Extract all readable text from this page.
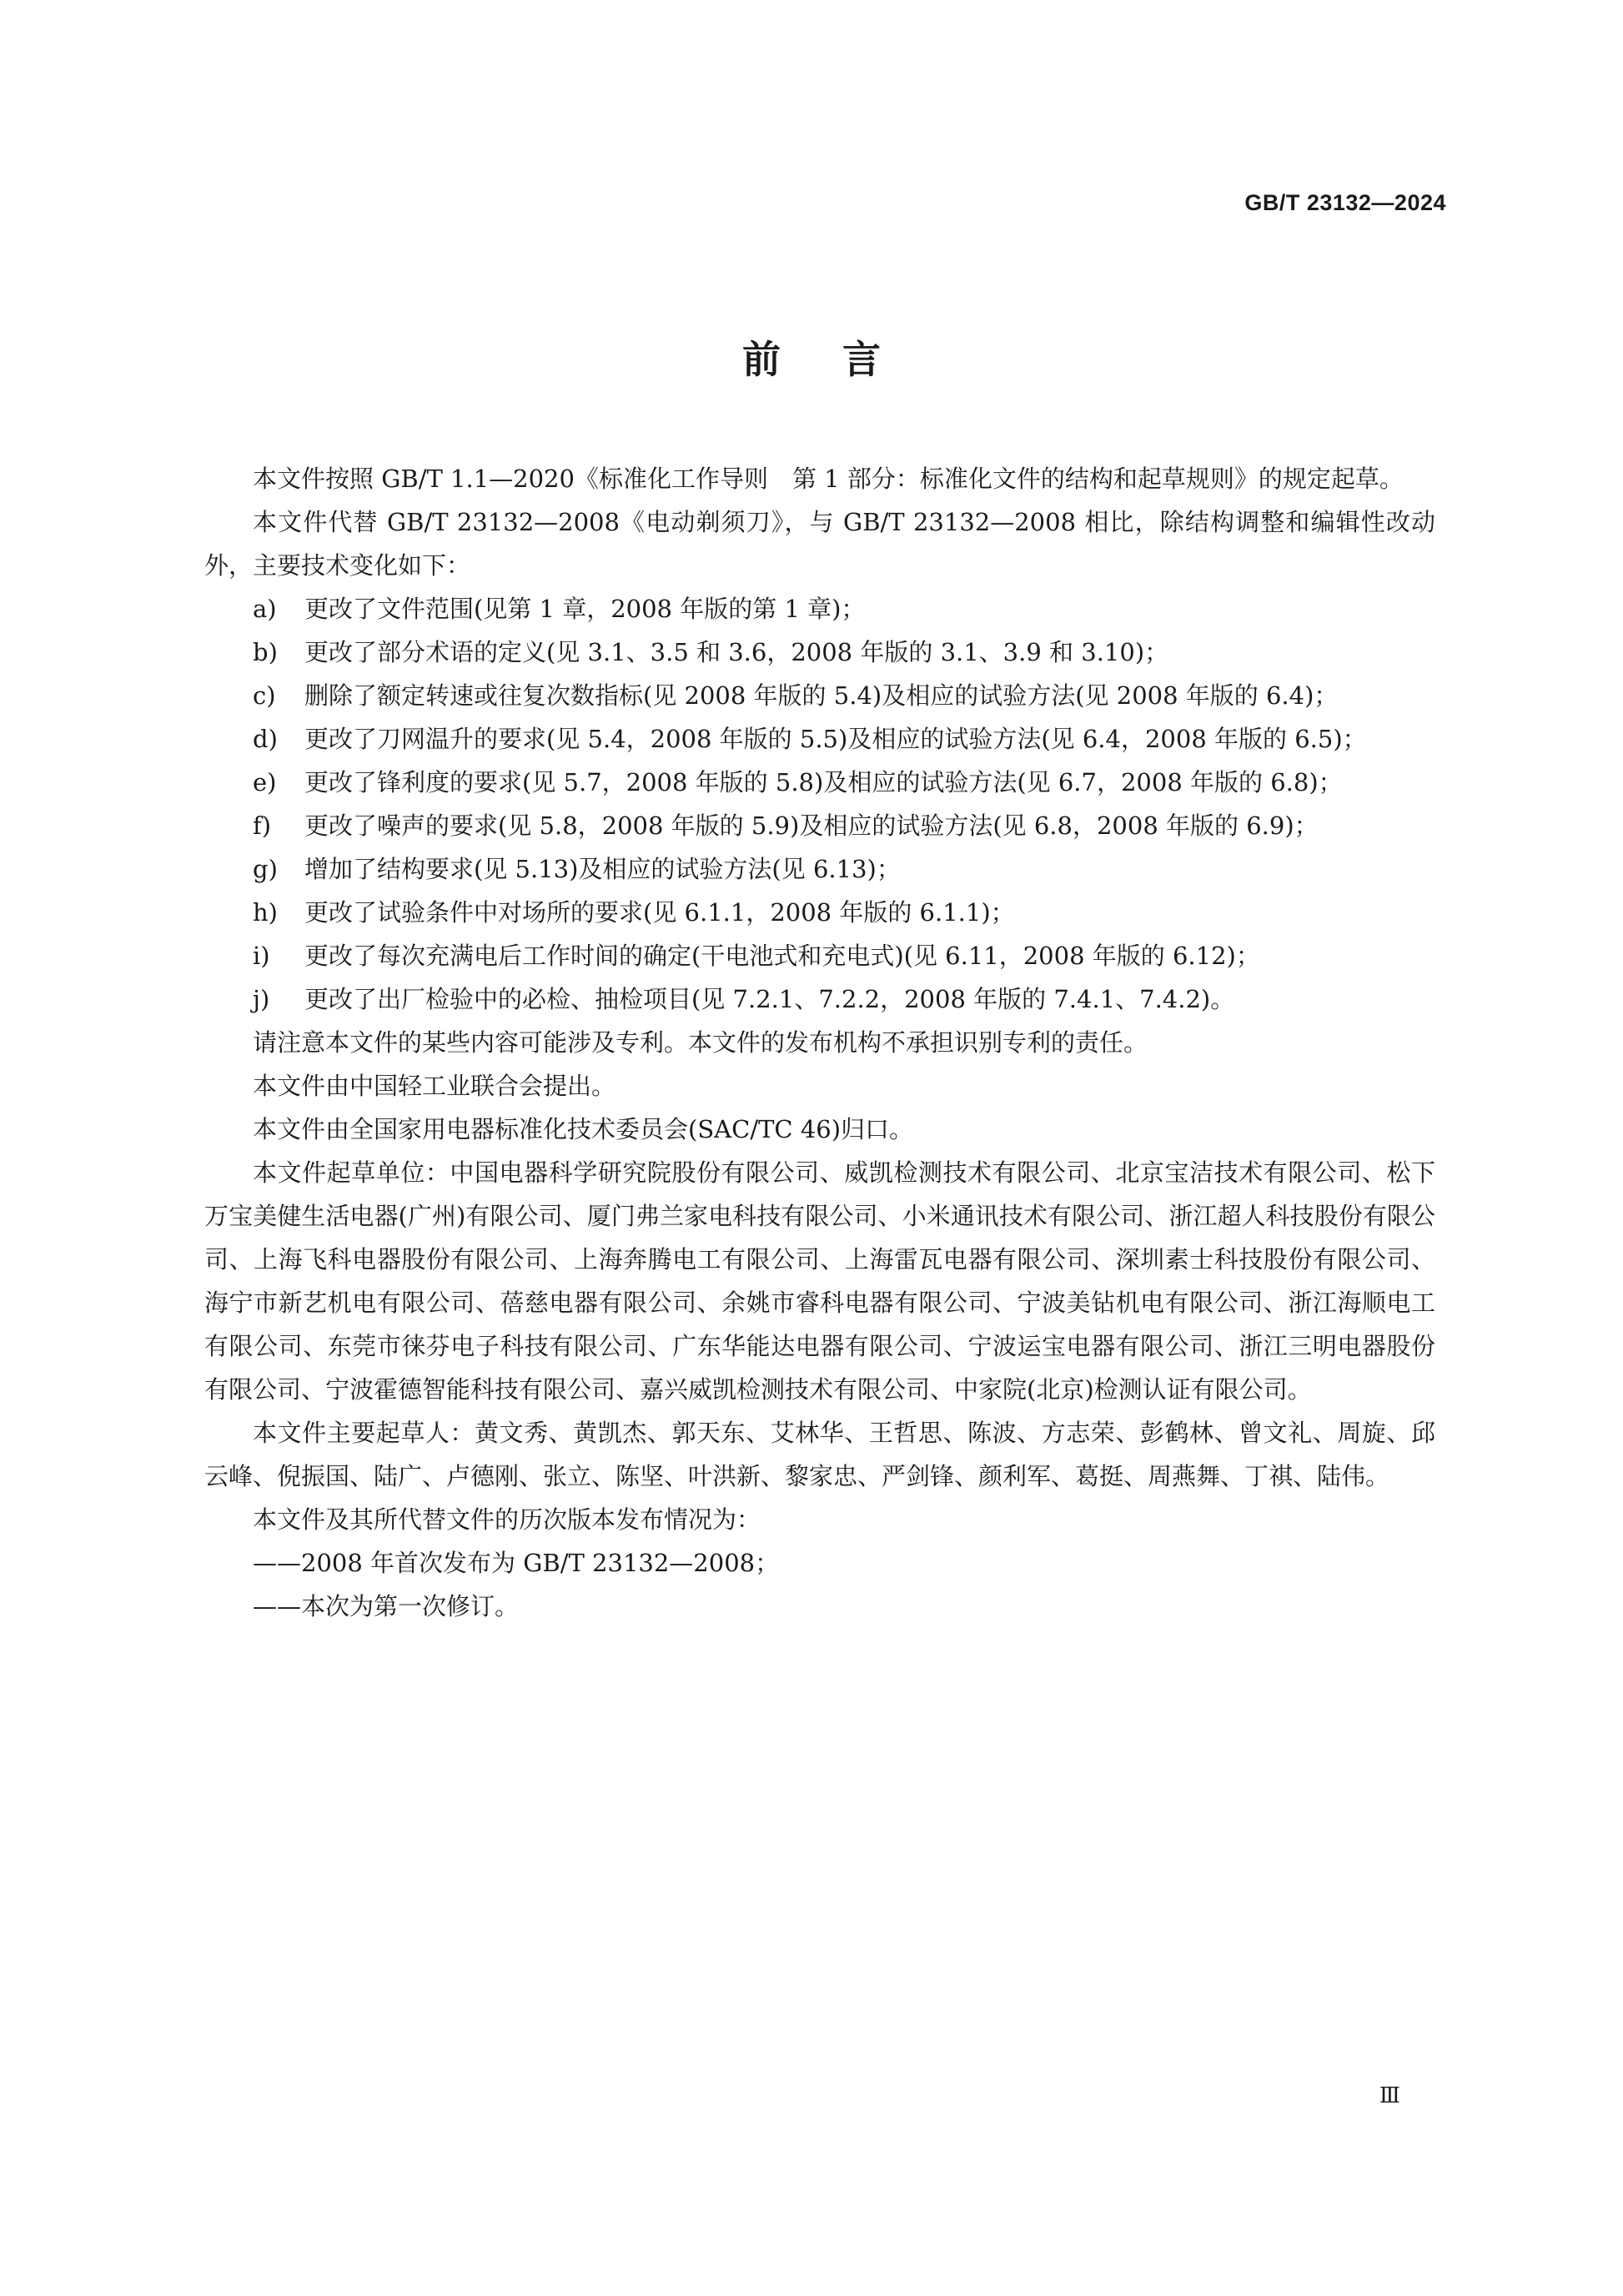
GB/T 23132—2024
前言

本文件按照 GB/T 1.1—2020《标准化工作导则　第 1 部分：标准化文件的结构和起草规则》的规定起草。

本文件代替 GB/T 23132—2008《电动剃须刀》，与 GB/T 23132—2008 相比，除结构调整和编辑性改动外，主要技术变化如下：

a)	更改了文件范围(见第 1 章，2008 年版的第 1 章)；
b)	更改了部分术语的定义(见 3.1、3.5 和 3.6，2008 年版的 3.1、3.9 和 3.10)；
c)	删除了额定转速或往复次数指标(见 2008 年版的 5.4)及相应的试验方法(见 2008 年版的 6.4)；
d)	更改了刀网温升的要求(见 5.4，2008 年版的 5.5)及相应的试验方法(见 6.4，2008 年版的 6.5)；
e)	更改了锋利度的要求(见 5.7，2008 年版的 5.8)及相应的试验方法(见 6.7，2008 年版的 6.8)；
f)	更改了噪声的要求(见 5.8，2008 年版的 5.9)及相应的试验方法(见 6.8，2008 年版的 6.9)；
g)	增加了结构要求(见 5.13)及相应的试验方法(见 6.13)；
h)	更改了试验条件中对场所的要求(见 6.1.1，2008 年版的 6.1.1)；
i)	更改了每次充满电后工作时间的确定(干电池式和充电式)(见 6.11，2008 年版的 6.12)；
j)	更改了出厂检验中的必检、抽检项目(见 7.2.1、7.2.2，2008 年版的 7.4.1、7.4.2)。

请注意本文件的某些内容可能涉及专利。本文件的发布机构不承担识别专利的责任。

本文件由中国轻工业联合会提出。

本文件由全国家用电器标准化技术委员会(SAC/TC 46)归口。

本文件起草单位：中国电器科学研究院股份有限公司、威凯检测技术有限公司、北京宝洁技术有限公司、松下万宝美健生活电器(广州)有限公司、厦门弗兰家电科技有限公司、小米通讯技术有限公司、浙江超人科技股份有限公司、上海飞科电器股份有限公司、上海奔腾电工有限公司、上海雷瓦电器有限公司、深圳素士科技股份有限公司、海宁市新艺机电有限公司、蓓慈电器有限公司、余姚市睿科电器有限公司、宁波美钻机电有限公司、浙江海顺电工有限公司、东莞市徕芬电子科技有限公司、广东华能达电器有限公司、宁波运宝电器有限公司、浙江三明电器股份有限公司、宁波霍德智能科技有限公司、嘉兴威凯检测技术有限公司、中家院(北京)检测认证有限公司。

本文件主要起草人：黄文秀、黄凯杰、郭天东、艾林华、王哲思、陈波、方志荣、彭鹤林、曾文礼、周旋、邱云峰、倪振国、陆广、卢德刚、张立、陈坚、叶洪新、黎家忠、严剑锋、颜利军、葛挺、周燕舞、丁祺、陆伟。

本文件及其所代替文件的历次版本发布情况为：

——2008 年首次发布为 GB/T 23132—2008；

——本次为第一次修订。

Ⅲ
